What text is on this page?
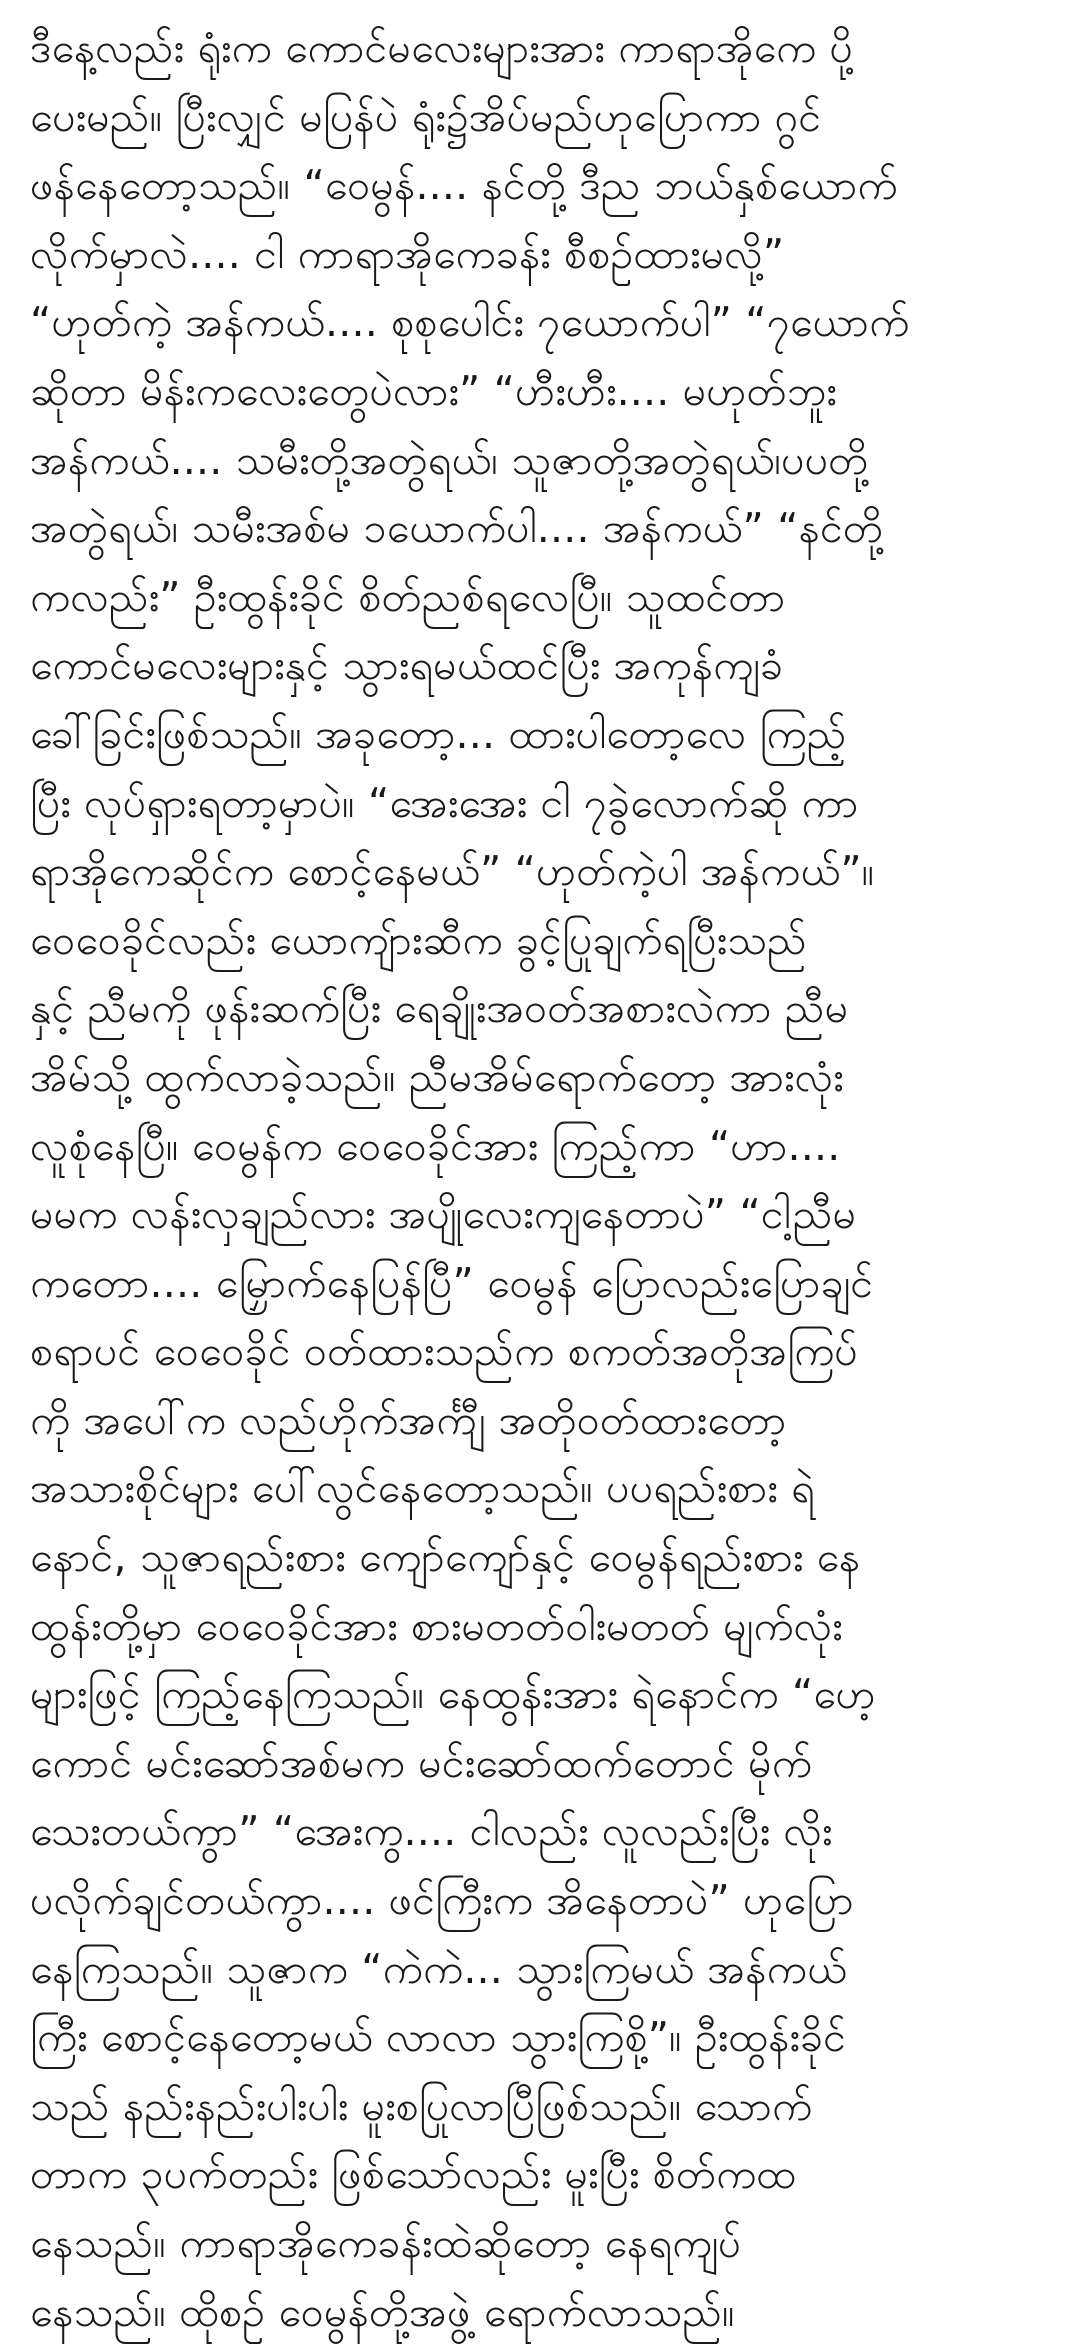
ဒီနေ့လည်း ရုံးက ကောင်မလေးများအား ကာရာအိုကေ ပို့
ပေးမည်။ ပြီးလျှင် မပြန်ပဲ ရုံး၌အိပ်မည်ဟုပြောကာ ဂွင်
ဖန်နေတော့သည်။ “ဝေမွန်.... နင်တို့ ဒီည ဘယ်နှစ်ယောက်
လိုက်မှာလဲ.... ငါ ကာရာအိုကေခန်း စီစဉ်ထားမလို့”
“ဟုတ်ကဲ့ အန်ကယ်.... စုစုပေါင်း ၇ယောက်ပါ” “၇ယောက်
ဆိုတာ မိန်းကလေးတွေပဲလား” “ဟီးဟီး.... မဟုတ်ဘူး
အန်ကယ်.... သမီးတို့အတွဲရယ်၊ သူဇာတို့အတွဲရယ်၊ပပတို့
အတွဲရယ်၊ သမီးအစ်မ ၁ယောက်ပါ.... အန်ကယ်” “နင်တို့
ကလည်း” ဦးထွန်းခိုင် စိတ်ညစ်ရလေပြီ။ သူထင်တာ
ကောင်မလေးများနှင့် သွားရမယ်ထင်ပြီး အကုန်ကျခံ
ခေါ်ခြင်းဖြစ်သည်။ အခုတော့... ထားပါတော့လေ ကြည့်
ပြီး လုပ်ရှားရတာ့မှာပဲ။ “အေးအေး ငါ ၇ခွဲလောက်ဆို ကာ
ရာအိုကေဆိုင်က စောင့်နေမယ်” “ဟုတ်ကဲ့ပါ အန်ကယ်”။
ဝေဝေခိုင်လည်း ယောကျ်ားဆီက ခွင့်ပြုချက်ရပြီးသည်
နှင့် ညီမကို ဖုန်းဆက်ပြီး ရေချိုးအဝတ်အစားလဲကာ ညီမ
အိမ်သို့ ထွက်လာခဲ့သည်။ ညီမအိမ်ရောက်တော့ အားလုံး
လူစုံနေပြီ။ ဝေမွန်က ဝေဝေခိုင်အား ကြည့်ကာ “ဟာ....
မမက လန်းလှချည်လား အပျိုလေးကျနေတာပဲ” “ငါ့ညီမ
ကတော.... မြှောက်နေပြန်ပြီ” ဝေမွန် ပြောလည်းပြောချင်
စရာပင် ဝေဝေခိုင် ဝတ်ထားသည်က စကတ်အတိုအကြပ်
ကို အပေါ်က လည်ဟိုက်အင်္ကျီ အတိုဝတ်ထားတော့
အသားစိုင်များ ပေါ်လွင်နေတော့သည်။ ပပရည်းစား ရဲ
နောင်, သူဇာရည်းစား ကျော်ကျော်နှင့် ဝေမွန်ရည်းစား နေ
ထွန်းတို့မှာ ဝေဝေခိုင်အား စားမတတ်ဝါးမတတ် မျက်လုံး
များဖြင့် ကြည့်နေကြသည်။ နေထွန်းအား ရဲနောင်က “ဟေ့
ကောင် မင်းဆော်အစ်မက မင်းဆော်ထက်တောင် မိုက်
သေးတယ်ကွာ” “အေးကွ.... ငါလည်း လူလည်းပြီး လိုး
ပလိုက်ချင်တယ်ကွာ.... ဖင်ကြီးက အိနေတာပဲ” ဟုပြော
နေကြသည်။ သူဇာက “ကဲကဲ... သွားကြမယ် အန်ကယ်
ကြီး စောင့်နေတော့မယ် လာလာ သွားကြစို့”။ ဦးထွန်းခိုင်
သည် နည်းနည်းပါးပါး မူးစပြုလာပြီဖြစ်သည်။ သောက်
တာက ၃ပက်တည်း ဖြစ်သော်လည်း မူးပြီး စိတ်ကထ
နေသည်။ ကာရာအိုကေခန်းထဲဆိုတော့ နေရကျပ်
နေသည်။ ထိုစဉ် ဝေမွန်တို့အဖွဲ့ ရောက်လာသည်။
